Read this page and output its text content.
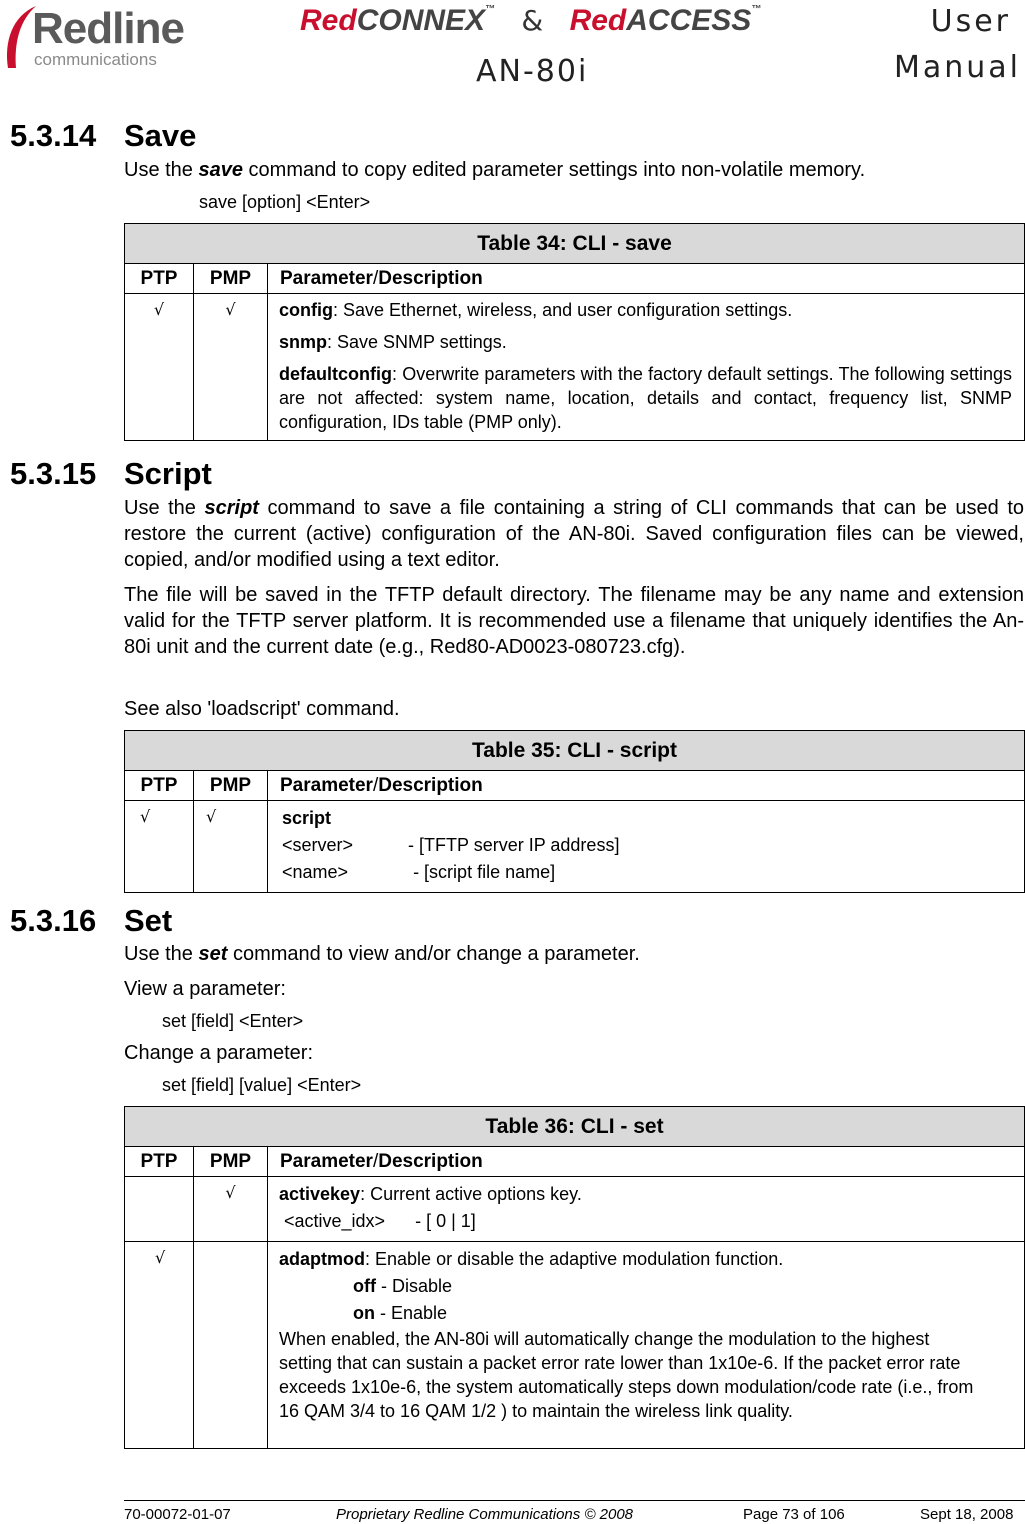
Redline
communications
RedCONNEX™ & RedACCESS™
AN-80i
User
Manual
5.3.14 Save

Use the save command to copy edited parameter settings into non-volatile memory.

save [option] <Enter>

Table 34: CLI - save		
PTP	PMP	Parameter/Description

√	√	config: Save Ethernet, wireless, and user configuration settings.

snmp: Save SNMP settings.

defaultconfig: Overwrite parameters with the factory default settings. The following settings are not affected: system name, location, details and contact, frequency list, SNMP configuration, IDs table (PMP only).

5.3.15 Script

Use the script command to save a file containing a string of CLI commands that can be used to restore the current (active) configuration of the AN-80i. Saved configuration files can be viewed, copied, and/or modified using a text editor.

The file will be saved in the TFTP default directory. The filename may be any name and extension valid for the TFTP server platform. It is recommended use a filename that uniquely identifies the An-80i unit and the current date (e.g., Red80-AD0023-080723.cfg).

See also 'loadscript' command.

Table 35: CLI - script		
PTP	PMP	Parameter/Description

√	√	script

<server>           - [TFTP server IP address]

<name>             - [script file name]

5.3.16 Set

Use the set command to view and/or change a parameter.

View a parameter:

set [field] <Enter>

Change a parameter:

set [field] [value] <Enter>

Table 36: CLI - set		
PTP	PMP	Parameter/Description

	√	activekey: Current active options key.

<active_idx>      - [ 0 | 1]

√		adaptmod: Enable or disable the adaptive modulation function.

off - Disable

on - Enable

When enabled, the AN-80i will automatically change the modulation to the highest setting that can sustain a packet error rate lower than 1x10e-6. If the packet error rate exceeds 1x10e-6, the system automatically steps down modulation/code rate (i.e., from 16 QAM 3/4 to 16 QAM 1/2 ) to maintain the wireless link quality.

70-00072-01-07	Proprietary Redline Communications © 2008	Page 73 of 106	Sept 18, 2008
